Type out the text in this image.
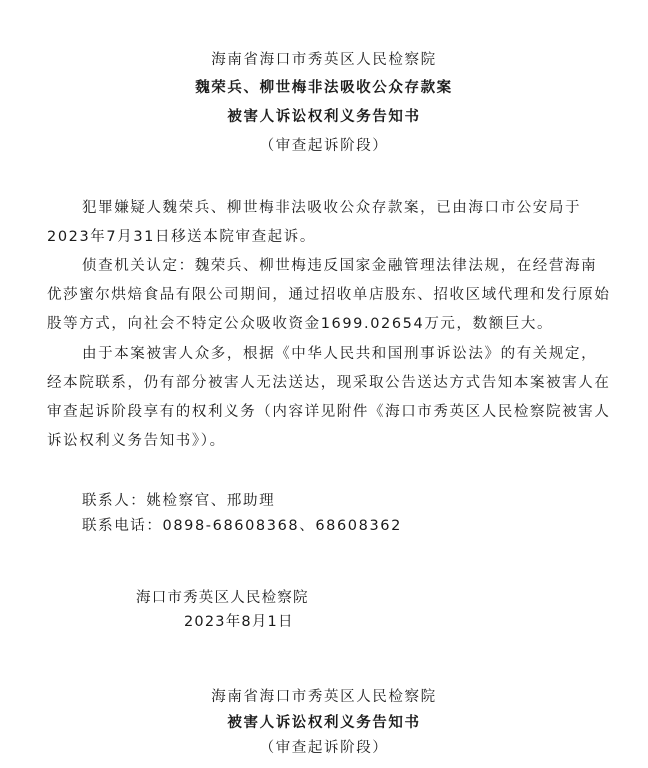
海南省海口市秀英区人民检察院
魏荣兵、柳世梅非法吸收公众存款案
被害人诉讼权利义务告知书
（审查起诉阶段）
犯罪嫌疑人魏荣兵、柳世梅非法吸收公众存款案，已由海口市公安局于
2023年7月31日移送本院审查起诉。
侦查机关认定：魏荣兵、柳世梅违反国家金融管理法律法规，在经营海南
优莎蜜尔烘焙食品有限公司期间，通过招收单店股东、招收区域代理和发行原始
股等方式，向社会不特定公众吸收资金1699.02654万元，数额巨大。
由于本案被害人众多，根据《中华人民共和国刑事诉讼法》的有关规定，
经本院联系，仍有部分被害人无法送达，现采取公告送达方式告知本案被害人在
审查起诉阶段享有的权利义务（内容详见附件《海口市秀英区人民检察院被害人
诉讼权利义务告知书》）。
联系人：姚检察官、邢助理
联系电话：0898-68608368、68608362
海口市秀英区人民检察院
2023年8月1日
海南省海口市秀英区人民检察院
被害人诉讼权利义务告知书
（审查起诉阶段）
